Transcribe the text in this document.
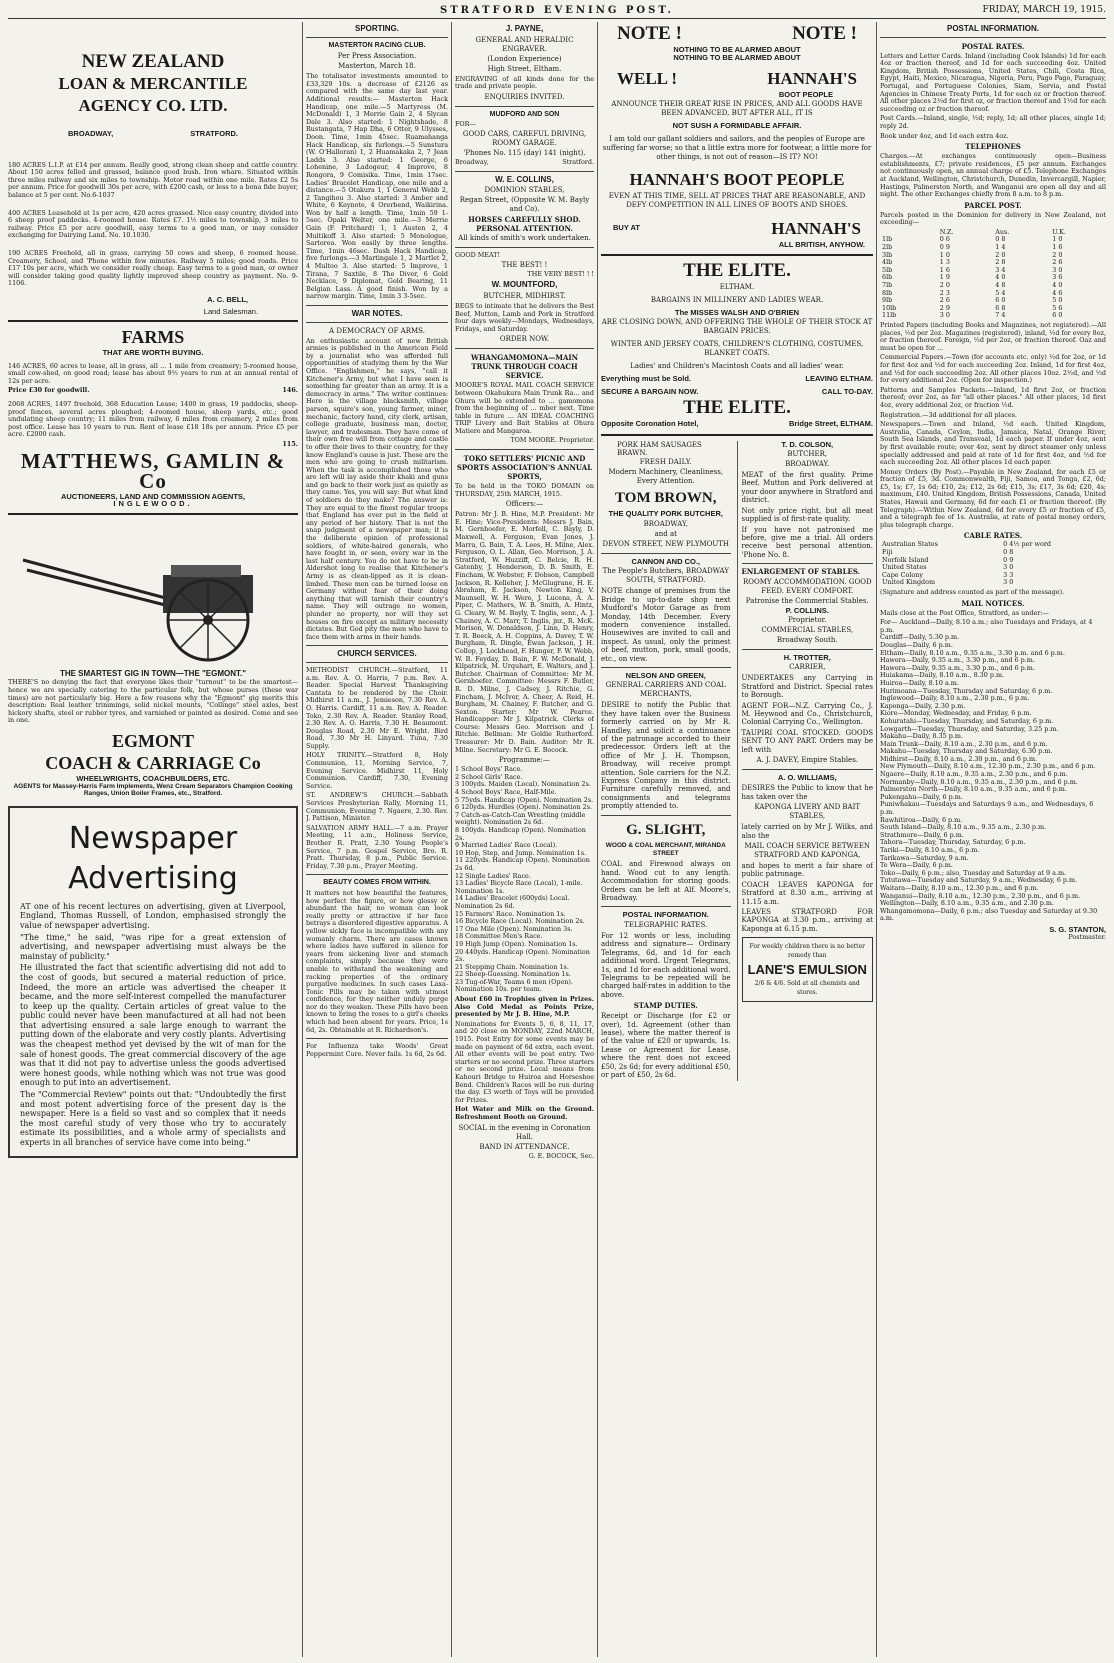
STRATFORD EVENING POST.	FRIDAY, MARCH 19, 1915.
NEW ZEALAND
LOAN & MERCANTILE
AGENCY CO. LTD.
BROADWAY,	STRATFORD.

180 ACRES L.I.P. at £14 per annum. Really good, strong clean sheep and cattle country. About 150 acres felled and grassed, balance good bush. Iron whare. Situated within three miles railway and six miles to township. Motor road within one mile. Rates £2 5s per annum. Price for goodwill 30s per acre, with £200 cash, or less to a bona fide buyer, balance at 5 per cent. No.6-1037

400 ACRES Leasehold at 1s per acre, 420 acres grassed. Nice easy country, divided into 6 sheep proof paddocks. 4-roomed house. Rates £7. 1½ miles to township, 3 miles to railway. Price £5 per acre goodwill, easy terms to a good man, or may consider exchanging for Dairying Land. No. 10.1030.

190 ACRES Freehold, all in grass, carrying 50 cows and sheep, 6 roomed house. Creamery, School, and 'Phone within few minutes. Railway 5 miles; good roads. Price £17 10s per acre, which we consider really cheap. Easy terms to a good man, or owner will consider taking good quality lightly improved sheep country as payment. No. 9-1106.

A. C. BELL,
Land Salesman.
FARMS
THAT ARE WORTH BUYING.

146 ACRES, 60 acres to lease, all in grass, all ... 1 mile from creamery; 5-roomed house, small cow-shed, on good road; lease has about 9½ years to run at an annual rental of 12s per acre.

Price £30 for goodwill.	146.

2068 ACRES, 1497 freehold, 368 Education Lease; 1400 in grass, 19 paddocks, sheep-proof fences, several acres ploughed; 4-roomed house, sheep yards, etc.; good undulating sheep country; 11 miles from railway, 6 miles from creamery, 2 miles from post office. Lease has 10 years to run. Rent of lease £18 18s per annum. Price £5 per acre. £2000 cash.

115.
MATTHEWS, GAMLIN & Co
AUCTIONEERS, LAND AND COMMISSION AGENTS,
INGLEWOOD.
THE SMARTEST GIG IN TOWN—THE "EGMONT."

THERE'S no denying the fact that everyone likes their "turnout" to be the smartest—hence we are specially catering to the particular folk, but whose purses (these war times) are not particularly big. Here a few reasons why the "Egmont" gig merits this description: Real leather trimmings, solid nickel mounts, "Collinge" steel axles, best hickory shafts, steel or rubber tyres, and varnished or painted as desired. Come and see in one.

EGMONT
COACH & CARRIAGE Co
WHEELWRIGHTS, COACHBUILDERS, ETC.
AGENTS for Massey-Harris Farm Implements, Wenz Cream Separators Champion Cooking Ranges, Union Boiler Frames, etc., Stratford.
Newspaper
Advertising

AT one of his recent lectures on advertising, given at Liverpool, England, Thomas Russell, of London, emphasised strongly the value of newspaper advertising.

"The time," he said, "was ripe for a great extension of advertising, and newspaper advertising must always be the mainstay of publicity."

He illustrated the fact that scientific advertising did not add to the cost of goods, but secured a material reduction of price. Indeed, the more an article was advertised the cheaper it became, and the more self-interest compelled the manufacturer to keep up the quality. Certain articles of great value to the public could never have been manufactured at all had not been that advertising ensured a sale large enough to warrant the putting down of the elaborate and very costly plants. Advertising was the cheapest method yet devised by the wit of man for the sale of honest goods. The great commercial discovery of the age was that it did not pay to advertise unless the goods advertised were honest goods, while nothing which was not true was good enough to put into an advertisement.

The "Commercial Review" points out that: "Undoubtedly the first and most potent advertising force of the present day is the newspaper. Here is a field so vast and so complex that it needs the most careful study of very those who try to accurately estimate its possibilities, and a whole army of specialists and experts in all branches of service have come into being."

SPORTING.
MASTERTON RACING CLUB.
Per Press Association.
Masterton, March 18.

The totalisator investments amounted to £33,329 10s. a decrease of £2126 as compared with the same day last year. Additional results:— Masterton Hack Handicap, one mile.—5 Martyress (M. McDonald) 1, 3 Merrie Gain 2, 4 Slycan Dale 3. Also started: 1 Nightshade, 8 Rustangata, 7 Hap Dha, 6 Otter, 9 Ulysses, Doon. Time, 1min 45sec. Ruamahanga Hack Handicap, six furlongs.—5 Sunstura (W. O'Halloran) 1, 2 Huamakaka 2, 7 Jean Ladds 3. Also started: 1 George, 6 Lohenine, 3 Ladogeur, 4 Improve, 8 Rongora, 9 Comisika. Time, 1min 17sec. Ladies' Bracelet Handicap, one mile and a distance.—5 Otakura 1, 1 General Webb 2, 2 Tangihou 3. Also started: 3 Amber and White, 6 Keynote, 4 Orerbend, Waikirina. Won by half a length. Time, 1min 59 1-5sec. Opaki Welter, one mile.—3 Merrie Gain (F. Pritchard) 1, 1 Austen 2, 4 Multikoff 3. Also started: 5 Monologue, Sartorea. Won easily by three lengths. Time, 1min 46sec. Dash Hack Handicap, five furlongs.—3 Martingale 1, 2 Martlet 2, 4 Multoo 3. Also started: 5 Improve, 1 Tirana, 7 Saxtile, 8 The Diver, 6 Gold Necklace, 9 Diplomat, Gold Bearing, 11 Belgian Lass. A good finish. Won by a narrow margin. Time, 1min 3 3-5sec.

WAR NOTES.
A DEMOCRACY OF ARMS.

An enthusiastic account of new British armies is published in the American Field by a journalist who was afforded full opportunities of studying them by the War Office. "Englishmen," he says, "call it Kitchener's Army, but what I have seen is something far greater than an army. It is a democracy in arms." The writer continues: Here is the village blacksmith, village parson, squire's son, young farmer, miner, mechanic, factory hand, city clerk, artisan, college graduate, business man, doctor, lawyer, and tradesman. They have come of their own free will from cottage and castle to offer their lives to their country, for they know England's cause is just. These are the men who are going to crush militarism. When the task is accomplished those who are left will lay aside their khaki and guns and go back to their work just as quietly as they came. Yes, you will say: But what kind of soldiers do they make? The answer is: They are equal to the finest regular troops that England has ever put in the field at any period of her history. That is not the snap judgment of a newspaper man; it is the deliberate opinion of professional soldiers, of white-haired generals, who have fought in, or seen, every war in the last half century. You do not have to be in Aldershot long to realise that Kitchener's Army is as clean-lipped as it is clean-limbed. These men can be turned loose on Germany without fear of their doing anything that will tarnish their country's name. They will outrage no women, plunder no property, nor will they set houses on fire except as military necessity dictates. But God pity the men who have to face them with arms in their hands.

CHURCH SERVICES.

METHODIST CHURCH.—Stratford, 11 a.m. Rev. A. O. Harris, 7 p.m. Rev. A. Reader. Special Harvest Thanksgiving Cantata to be rendered by the Choir. Midhirst 11 a.m., J. Jemieson, 7.30 Rev. A. O. Harris. Cardiff, 11 a.m. Rev. A. Reader. Toko, 2.30 Rev. A. Reader. Stanley Road, 2.30 Rev. A. O. Harris, 7.30 H. Beaumont. Douglas Road, 2.30 Mr E. Wright. Bird Road, 7.30 Mr H. Linyard. Tuna, 7.30 Supply.

HOLY TRINITY.—Stratford 8, Holy Communion, 11, Morning Service, 7, Evening Service. Midhirst 11, Holy Communion. Cardiff, 7.30, Evening Service.

ST. ANDREW'S CHURCH.—Sabbath Services Presbyterian Rally, Morning 11, Communion, Evening 7. Ngaere, 2.30. Rev. J. Pattison, Minister.

SALVATION ARMY HALL.—7 a.m. Prayer Meeting, 11 a.m., Holiness Service, Brother R. Pratt, 2.30 Young People's Service, 7 p.m. Gospel Service, Bro. R. Pratt. Thursday, 8 p.m., Public Service. Friday, 7.30 p.m., Prayer Meeting.

BEAUTY COMES FROM WITHIN.

It matters not how beautiful the features, how perfect the figure, or how glossy or abundant the hair, no woman can look really pretty or attractive if her face betrays a disordered digestive apparatus. A yellow sickly face is incompatible with any womanly charm. There are cases known where ladies have suffered in silence for years from sickening liver and stomach complaints, simply because they were unable to withstand the weakening and racking properties of the ordinary purgative medicines. In such cases Laxa-Tonic Pills may be taken with utmost confidence, for they neither unduly purge nor do they weaken. These Pills have been known to bring the roses to a girl's cheeks which had been absent for years. Price, 1s 6d, 2s. Obtainable at R. Richardson's.

For Influenza take Woods' Great Peppermint Cure. Never fails. 1s 6d, 2s 6d.

J. PAYNE,
GENERAL AND HERALDIC ENGRAVER.
(London Experience)
High Street, Eltham.

ENGRAVING of all kinds done for the trade and private people.

ENQUIRIES INVITED.
MUDFORD AND SON
FOR—
GOOD CARS, CAREFUL DRIVING, ROOMY GARAGE.
'Phones No. 115 (day) 141 (night).
Broadway,	Stratford.
W. E. COLLINS,
DOMINION STABLES,
Regan Street, (Opposite W. M. Bayly and Co).
HORSES CAREFULLY SHOD. PERSONAL ATTENTION.
All kinds of smith's work undertaken.
GOOD MEAT!
THE BEST! !
THE VERY BEST! ! !
W. MOUNTFORD,
BUTCHER, MIDHIRST.

BEGS to intimate that he delivers the Best Beef, Mutton, Lamb and Pork in Stratford four days weekly—Mondays, Wednesdays, Fridays, and Saturday.

ORDER NOW.
WHANGAMOMONA—MAIN TRUNK THROUGH COACH SERVICE.

MOORE'S ROYAL MAIL COACH SERVICE between Okahukura Main Trunk Ra... and Ohura will be extended to ... gamomona from the beginning of ... mber next. Time table in future ... AN IDEAL COACHING TRIP Livery and Bait Stables at Ohura Matiere and Mangaroa.

TOM MOORE. Proprietor.
TOKO SETTLERS' PICNIC AND SPORTS ASSOCIATION'S ANNUAL SPORTS,

To be held in the TOKO DOMAIN on THURSDAY, 25th MARCH, 1915.

Officers:—

Patron: Mr J. B. Hine, M.P. President: Mr E. Hine; Vice-Presidents: Messrs J. Bain, M. Gernhoefer, E. Morfell, C. Bayly, D. Maxwell, A. Ferguson, Evan Jones, J. Marra, G. Bain, T. A. Lees, H. Milne, Alex. Ferguson, O. L. Allan, Geo. Morrison, J. A. Stratford, W. Huzziff, C. Belcie, R. H. Gatenby, J. Henderson, D. B. Smith, E. Fincham, W. Webster, F. Dobson, Campbell Jackson, R. Kelleher, J. McGlugrane, H. E. Abraham, E. Jackson, Newton King, V. Maunsell, W. H. Were, J. Lucena, A. A. Piper, C. Mathers, W. B. Smith, A. Hintz, G. Cleary, W. M. Bayly, T. Inglis, senr., A. J. Chainey, A. C. Marr, T. Inglis, jnr., R. McK. Morison, W. Donaldson, J. Linn, D. Henry, T. R. Beeck, A. H. Coppins, A. Davey, T. W. Burgham, R. Dingle, Ewan Jackson, J. H. Collop, J. Lockhead, F. Hunger, F. W. Webb, W. B. Feyday, D. Bain, F. W. McDonald, J. Kilpatrick, M. Urquhart, E. Walters, and J. Butcher. Chairman of Committee: Mr M. Gernhoefer. Committee: Messrs F. Butler, R. D. Milne, J. Cadsey, J. Ritchie, G. Fincham, J. McIver, A. Cheer, A. Reid, H. Burgham, M. Chainey, F. Rutcher, and G. Sexton. Starter: Mr W. Pearce. Handicapper: Mr J. Kilpatrick. Clerks of Course: Messrs Geo. Morrison and J. Ritchie. Bellman: Mr Goldie Rutherford. Treasurer: Mr D. Bain. Auditor: Mr R. Milne. Secretary: Mr G. E. Bocock.

Programme:—
1 School Boys' Race.
2 School Girls' Race.
3 100yds. Maiden (Local). Nomination 2s.
4 School Boys' Race, Half-Mile.
5 75yds. Handicap (Open). Nomination 2s.
6 120yds. Hurdles (Open). Nomination 2s.
7 Catch-as-Catch-Can Wrestling (middle weight). Nomination 2s 6d.
8 100yds. Handicap (Open). Nomination 2s.
9 Married Ladies' Race (Local).
10 Hop, Step, and Jump. Nomination 1s.
11 220yds. Handicap (Open). Nomination 2s 6d.
12 Single Ladies' Race.
13 Ladies' Bicycle Race (Local), 1-mile. Nomination 1s.
14 Ladies' Bracelet (600yds) Local. Nomination 2s 6d.
15 Farmers' Race. Nomination 1s.
16 Bicycle Race (Local). Nomination 2s.
17 One Mile (Open). Nomination 3s.
18 Committee Men's Race.
19 High Jump (Open). Nomination 1s.
20 440yds. Handicap (Open). Nomination 2s.
21 Stepping Chain. Nomination 1s.
22 Sheep-Guessing. Nomination 1s.
23 Tug-of-War, Teams 6 men (Open). Nomination 10s. per team.

About £60 in Trophies given in Prizes. Also Cold Medal as Points Prize, presented by Mr J. B. Hine, M.P.

Nominations for Events 5, 6, 8, 11, 17, and 20 close on MONDAY, 22nd MARCH, 1915. Post Entry for some events may be made on payment of 6d extra, each event. All other events will be post entry. Two starters or no second prize. Three starters or no second prize. Local means from Kahouri Bridge to Huiroa and Horseshoe Bend. Children's Races will be run during the day. £3 worth of Toys will be provided for Prizes.

Hot Water and Milk on the Ground. Refreshment Booth on Ground.

SOCIAL in the evening in Coronation Hall.
BAND IN ATTENDANCE.
G. E. BOCOCK, Sec.
NOTE !	NOTE !
NOTHING TO BE ALARMED ABOUT
NOTHING TO BE ALARMED ABOUT
WELL !	HANNAH'S
BOOT PEOPLE
ANNOUNCE THEIR GREAT RISE IN PRICES, AND ALL GOODS HAVE BEEN ADVANCED, BUT AFTER ALL, IT IS
NOT SUSH A FORMIDABLE AFFAIR.
I am told our gallant soldiers and sailors, and the peoples of Europe are suffering far worse; so that a little extra more for footwear, a little more for other things, is not out of reason—IS IT? NO!
HANNAH'S BOOT PEOPLE
EVEN AT THIS TIME, SELL AT PRICES THAT ARE REASONABLE, AND DEFY COMPETITION IN ALL LINES OF BOOTS AND SHOES.
BUY AT	HANNAH'S
ALL BRITISH, ANYHOW.
THE ELITE.
ELTHAM.
BARGAINS IN MILLINERY AND LADIES WEAR.
The MISSES WALSH AND O'BRIEN
ARE CLOSING DOWN, AND OFFERING THE WHOLE OF THEIR STOCK AT BARGAIN PRICES.
WINTER AND JERSEY COATS, CHILDREN'S CLOTHING, COSTUMES, BLANKET COATS.
Ladies' and Children's Macintosh Coats and all ladies' wear.
Everything must be Sold.	LEAVING ELTHAM.
SECURE A BARGAIN NOW.	CALL TO-DAY.
THE ELITE.
Opposite Coronation Hotel,	Bridge Street, ELTHAM.
PORK HAM SAUSAGES BRAWN.
FRESH DAILY.
Modern Machinery, Cleanliness, Every Attention.
TOM BROWN,
THE QUALITY PORK BUTCHER,
BROADWAY,
and at
DEVON STREET, NEW PLYMOUTH
CANNON AND CO.,
The People's Butchers, BROADWAY SOUTH, STRATFORD.

NOTE change of premises from the Bridge to up-to-date shop next Mudford's Motor Garage as from Monday, 14th December. Every modern convenience installed. Housewives are invited to call and inspect. As usual, only the primest of beef, mutton, pork, small goods, etc., on view.

NELSON AND GREEN,
GENERAL CARRIERS AND COAL MERCHANTS,

DESIRE to notify the Public that they have taken over the Business formerly carried on by Mr R. Handley, and solicit a continuance of the patronage accorded to their predecessor. Orders left at the office of Mr J. H. Thompson, Broadway, will receive prompt attention. Sole carriers for the N.Z. Express Company in this district. Furniture carefully removed, and consignments and telegrams promptly attended to.

G. SLIGHT,
WOOD & COAL MERCHANT, MIRANDA STREET

COAL and Firewood always on hand. Wood cut to any length. Accommodation for storing goods. Orders can be left at Alf. Moore's, Broadway.

POSTAL INFORMATION.
TELEGRAPHIC RATES.

For 12 words or less, including address and signature— Ordinary Telegrams, 6d, and 1d for each additional word. Urgent Telegrams, 1s, and 1d for each additional word. Telegrams to be repeated will be charged half-rates in addition to the above.

STAMP DUTIES.

Receipt or Discharge (for £2 or over), 1d. Agreement (other than lease), where the matter thereof is of the value of £20 or upwards, 1s. Lease or Agreement for Lease, where the rent does not exceed £50, 2s 6d; for every additional £50, or part of £50, 2s 6d.

T. D. COLSON,
BUTCHER,
BROADWAY.

MEAT of the first quality. Prime Beef, Mutton and Pork delivered at your door anywhere in Stratford and district.

Not only price right, but all meat supplied is of first-rate quality.

If you have not patronised me before, give me a trial. All orders receive best personal attention. 'Phone No. 8.

ENLARGEMENT OF STABLES.
ROOMY ACCOMMODATION. GOOD FEED. EVERY COMFORT.
Patronise the Commercial Stables.
P. COLLINS.
Proprietor.
COMMERCIAL STABLES,
Broadway South.
H. TROTTER,
CARRIER,

UNDERTAKES any Carrying in Stratford and District. Special rates to Borough.

AGENT FOR—N.Z. Carrying Co., J. M. Heywood and Co., Christchurch, Colonial Carrying Co., Wellington.

TAUPIRI COAL STOCKED. GOODS SENT TO ANY PART. Orders may be left with

A. J. DAVEY, Empire Stables.
A. O. WILLIAMS,

DESIRES the Public to know that he has taken over the

KAPONGA LIVERY AND BAIT STABLES,

lately carried on by Mr J. Wilks, and also the

MAIL COACH SERVICE BETWEEN STRATFORD AND KAPONGA,

and hopes to merit a fair share of public patronage.

COACH LEAVES KAPONGA for Stratford at 8.30 a.m., arriving at 11.15 a.m.

LEAVES STRATFORD FOR KAPONGA at 3.30 p.m., arriving at Kaponga at 6.15 p.m.

For weekly children there is no better remedy than
LANE'S EMULSION
2/6 & 4/6. Sold at all chemists and stores.
POSTAL INFORMATION.
POSTAL RATES.

Letters and Letter Cards. Inland (including Cook Islands) 1d for each 4oz or fraction thereof, and 1d for each succeeding 4oz. United Kingdom, British Possessions, United States, Chili, Costa Rica, Egypt, Haiti, Mexico, Nicaragua, Nigeria, Peru, Pago Pago, Paraguay, Portugal, and Portuguese Colonies, Siam, Servia, and Postal Agencies in Chinese Treaty Ports, 1d for each oz or fraction thereof. All other places 2½d for first oz, or fraction thereof and 1½d for each succeeding oz or fraction thereof.

Post Cards.—Inland, single, ½d; reply, 1d; all other places, single 1d; reply 2d.

Book under 4oz, and 1d each extra 4oz.

TELEPHONES

Charges.—At exchanges continuously open—Business establishments, £7; private residences, £5 per annum. Exchanges not continuously open, an annual charge of £5. Telephone Exchanges at Auckland, Wellington, Christchurch, Dunedin, Invercargill, Napier, Hastings, Palmerston North, and Wanganui are open all day and all night. The other Exchanges chiefly from 8 a.m. to 8 p.m.

PARCEL POST.

Parcels posted in the Dominion for delivery in New Zealand, not exceeding—

	N.Z.	Aus.	U.K.
1lb	0 6	0 8	1 0
2lb	0 9	1 4	1 6
3lb	1 0	2 0	2 0
4lb	1 3	2 8	2 6
5lb	1 6	3 4	3 0
6lb	1 9	4 0	3 6
7lb	2 0	4 8	4 0
8lb	2 3	5 4	4 6
9lb	2 6	6 0	5 0
10lb	2 9	6 8	5 6
11lb	3 0	7 4	6 0

Printed Papers (including Books and Magazines, not registered).—All places, ½d per 2oz. Magazines (registered), inland, ½d for every 8oz, or fraction thereof. Foreign, ½d per 2oz, or fraction thereof. Oaz and must be open for ...

Commercial Papers.—Town (for accounts etc. only) ½d for 2oz, or 1d for first 4oz and ½d for each succeeding 2oz. Inland, 1d for first 4oz, and ½d for each succeeding 2oz. All other places 10oz. 2½d, and ½d for every additional 2oz. (Open for inspection.)

Patterns and Samples Packets.—Inland, 1d first 2oz, or fraction thereof; over 2oz, as for "all other places." All other places, 1d first 4oz, every additional 2oz, or fraction ½d.

Registration.—3d additional for all places.

Newspapers.—Town and Inland, ½d each. United Kingdom, Australia, Canada, Ceylon, India, Jamaica, Natal, Orange River, South Sea Islands, and Transvaal, 1d each paper. If under 4oz, sent by first available route; over 4oz, sent by direct steamer only unless specially addressed and paid at rate of 1d for first 4oz, and ½d for each succeeding 2oz. All other places 1d each paper.

Money Orders (By Post).—Payable in New Zealand, for each £5 or fraction of £5, 3d. Commonwealth, Fiji, Samoa, and Tonga, £2, 6d; £5, 1s; £7, 1s 6d; £10, 2s; £12, 2s 6d; £15, 3s; £17, 3s 6d; £20, 4s; maximum, £40. United Kingdom, British Possessions, Canada, United States, Hawaii and Germany, 6d for each £1 or fraction thereof. (By Telegraph).—Within New Zealand, 6d for every £5 or fraction of £5, and a telegraph fee of 1s. Australia, at rate of postal money orders, plus telegraph charge.

CABLE RATES.
Australian States	0 4½ per word
Fiji	0 8
Norfolk Island	0 9
United States	3 0
Cape Colony	3 3
United Kingdom	3 0

(Signature and address counted as part of the message).

MAIL NOTICES.

Mails close at the Post Office, Stratford, as under:—

For— Auckland—Daily, 8.10 a.m.; also Tuesdays and Fridays, at 4 p.m.
Cardiff—Daily, 5.30 p.m.
Douglas—Daily, 6 p.m.
Eltham—Daily, 8.10 a.m., 9.35 a.m., 3.30 p.m. and 6 p.m.
Hawera—Daily, 9.35 a.m., 3.30 p.m., and 6 p.m.
Hawera—Daily, 9.35 a.m., 3.30 p.m., and 6 p.m.
Huiakama—Daily, 8.10 a.m., 8.30 p.m.
Huiroa—Daily, 8.10 a.m.
Hurimoana—Tuesday, Thursday and Saturday, 6 p.m.
Inglewood—Daily, 8.10 a.m., 2.30 p.m., 6 p.m.
Kaponga—Daily, 2.30 p.m.
Kiore—Monday, Wednesday, and Friday, 6 p.m.
Kohuratahi—Tuesday, Thursday, and Saturday, 6 p.m.
Lowgarth—Tuesday, Thursday, and Saturday, 3.25 p.m.
Makahu—Daily, 8.35 p.m.
Main Trunk—Daily, 8.10 a.m., 2.30 p.m., and 6 p.m.
Makahu—Tuesday, Thursday and Saturday, 6.30 p.m.
Midhirst—Daily, 8.10 a.m., 2.30 p.m., and 6 p.m.
New Plymouth—Daily, 8.10 a.m., 12.30 p.m., 2.30 p.m., and 6 p.m.
Ngaere—Daily, 8.10 a.m., 9.35 a.m., 2.30 p.m., and 6 p.m.
Normanby—Daily, 8.10 a.m., 9.35 a.m., 2.30 p.m., and 6 p.m.
Palmerston North—Daily, 8.10 a.m., 9.35 a.m., and 6 p.m.
Pukengahu—Daily, 6 p.m.
Puniwhakau—Tuesdays and Saturdays 9 a.m., and Wednesdays, 6 p.m.
Rawhitiroa—Daily, 6 p.m.
South Island—Daily, 8.10 a.m., 9.35 a.m., 2.30 p.m.
Strathmore—Daily, 6 p.m.
Tahora—Tuesday, Thursday, Saturday, 6 p.m.
Tariki—Daily, 8.10 a.m., 6 p.m.
Tarikawa—Saturday, 9 a.m.
Te Wera—Daily, 6 p.m.
Toko—Daily, 6 p.m.; also, Tuesday and Saturday at 9 a.m.
Tututawa—Tuesday and Saturday, 9 a.m.; Wednesday, 6 p.m.
Waitara—Daily, 8.10 a.m., 12.30 p.m., and 6 p.m.
Wanganui—Daily, 8.10 a.m., 12.30 p.m., 2.30 p.m., and 6 p.m.
Wellington—Daily, 8.10 a.m., 9.35 a.m., and 2.30 p.m.
Whangamomona—Daily, 6 p.m.; also Tuesday and Saturday at 9.30 a.m.
S. G. STANTON,
Postmaster.
